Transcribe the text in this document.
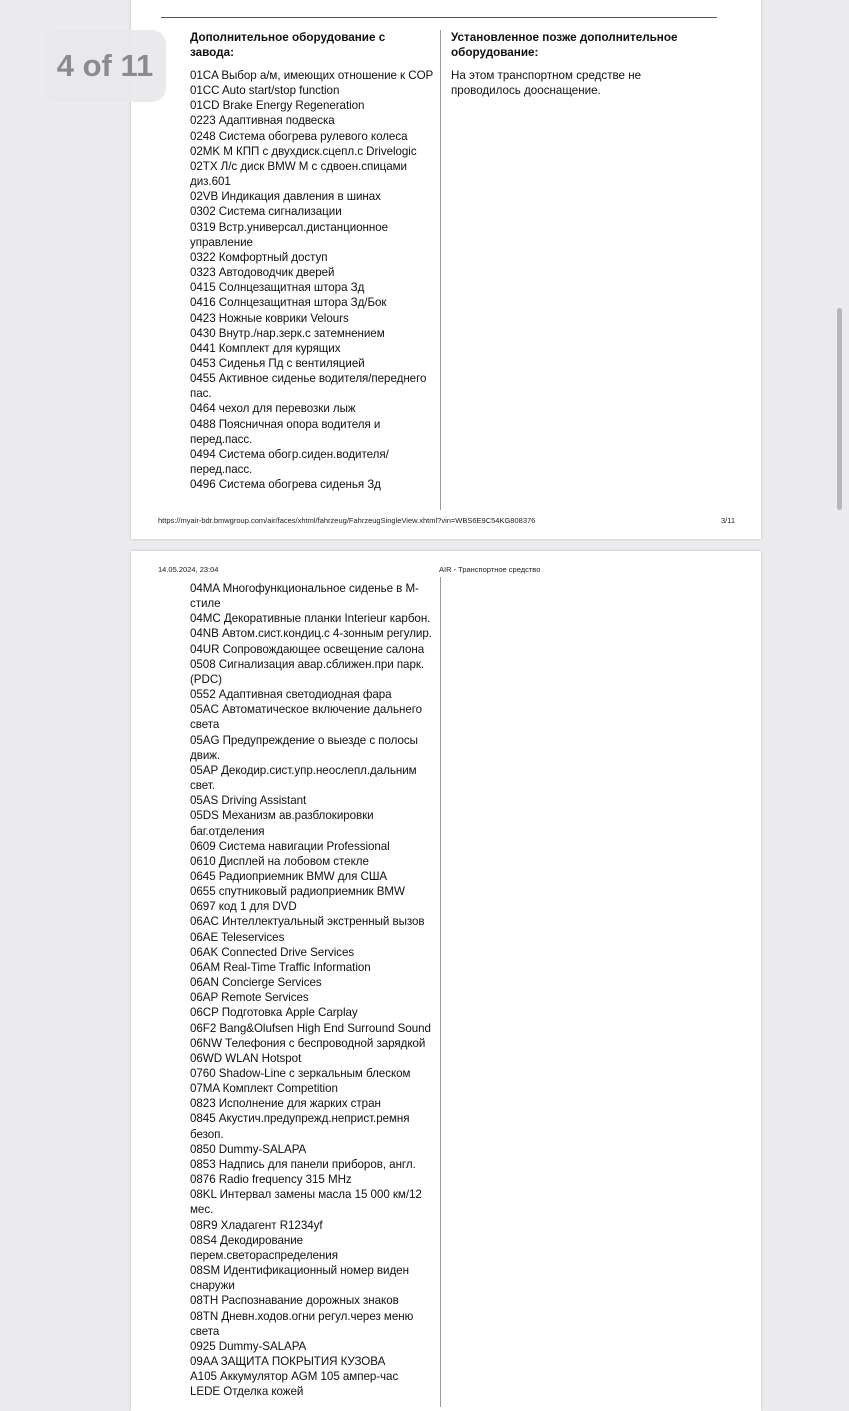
Дополнительное оборудование с завода:
Установленное позже дополнительное оборудование:
01CA Выбор а/м, имеющих отношение к COP
01CC Auto start/stop function
01CD Brake Energy Regeneration
0223 Адаптивная подвеска
0248 Система обогрева рулевого колеса
02MK M КПП с двухдиск.сцепл.с Drivelogic
02TX Л/с диск BMW M с сдвоен.спицами диз.601
02VB Индикация давления в шинах
0302 Система сигнализации
0319 Встр.универсал.дистанционное управление
0322 Комфортный доступ
0323 Автодоводчик дверей
0415 Солнцезащитная штора Зд
0416 Солнцезащитная штора Зд/Бок
0423 Ножные коврики Velours
0430 Внутр./нар.зерк.с затемнением
0441 Комплект для курящих
0453 Сиденья Пд с вентиляцией
0455 Активное сиденье водителя/переднего пас.
0464 чехол для перевозки лыж
0488 Поясничная опора водителя и перед.пасс.
0494 Система обогр.сиден.водителя/ перед.пасс.
0496 Система обогрева сиденья Зд
На этом транспортном средстве не проводилось дооснащение.
https://myair-bdr.bmwgroup.com/air/faces/xhtml/fahrzeug/FahrzeugSingleView.xhtml?vin=WBS6E9C54KG808376	3/11
14.05.2024, 23:04	AIR - Транспортное средство
04MA Многофункциональное сиденье в M-стиле
04MC Декоративные планки Interieur карбон.
04NB Автом.сист.кондиц.с 4-зонным регулир.
04UR Сопровождающее освещение салона
0508 Сигнализация авар.сближен.при парк. (PDC)
0552 Адаптивная светодиодная фара
05AC Автоматическое включение дальнего света
05AG Предупреждение о выезде с полосы движ.
05AP Декодир.сист.упр.неослепл.дальним свет.
05AS Driving Assistant
05DS Механизм ав.разблокировки баг.отделения
0609 Система навигации Professional
0610 Дисплей на лобовом стекле
0645 Радиоприемник BMW для США
0655 спутниковый радиоприемник BMW
0697 код 1 для DVD
06AC Интеллектуальный экстренный вызов
06AE Teleservices
06AK Connected Drive Services
06AM Real-Time Traffic Information
06AN Concierge Services
06AP Remote Services
06CP Подготовка Apple Carplay
06F2 Bang&Olufsen High End Surround Sound
06NW Телефония с беспроводной зарядкой
06WD WLAN Hotspot
0760 Shadow-Line с зеркальным блеском
07MA Комплект Competition
0823 Исполнение для жарких стран
0845 Акустич.предупрежд.неприст.ремня безоп.
0850 Dummy-SALAPA
0853 Надпись для панели приборов, англ.
0876 Radio frequency 315 MHz
08KL Интервал замены масла 15 000 км/12 мес.
08R9 Хладагент R1234yf
08S4 Декодирование перем.светораспределения
08SM Идентификационный номер виден снаружи
08TH Распознавание дорожных знаков
08TN Дневн.ходов.огни регул.через меню света
0925 Dummy-SALAPA
09AA ЗАЩИТА ПОКРЫТИЯ КУЗОВА
A105 Аккумулятор AGM 105 ампер-час
LEDE Отделка кожей
4 of 11
